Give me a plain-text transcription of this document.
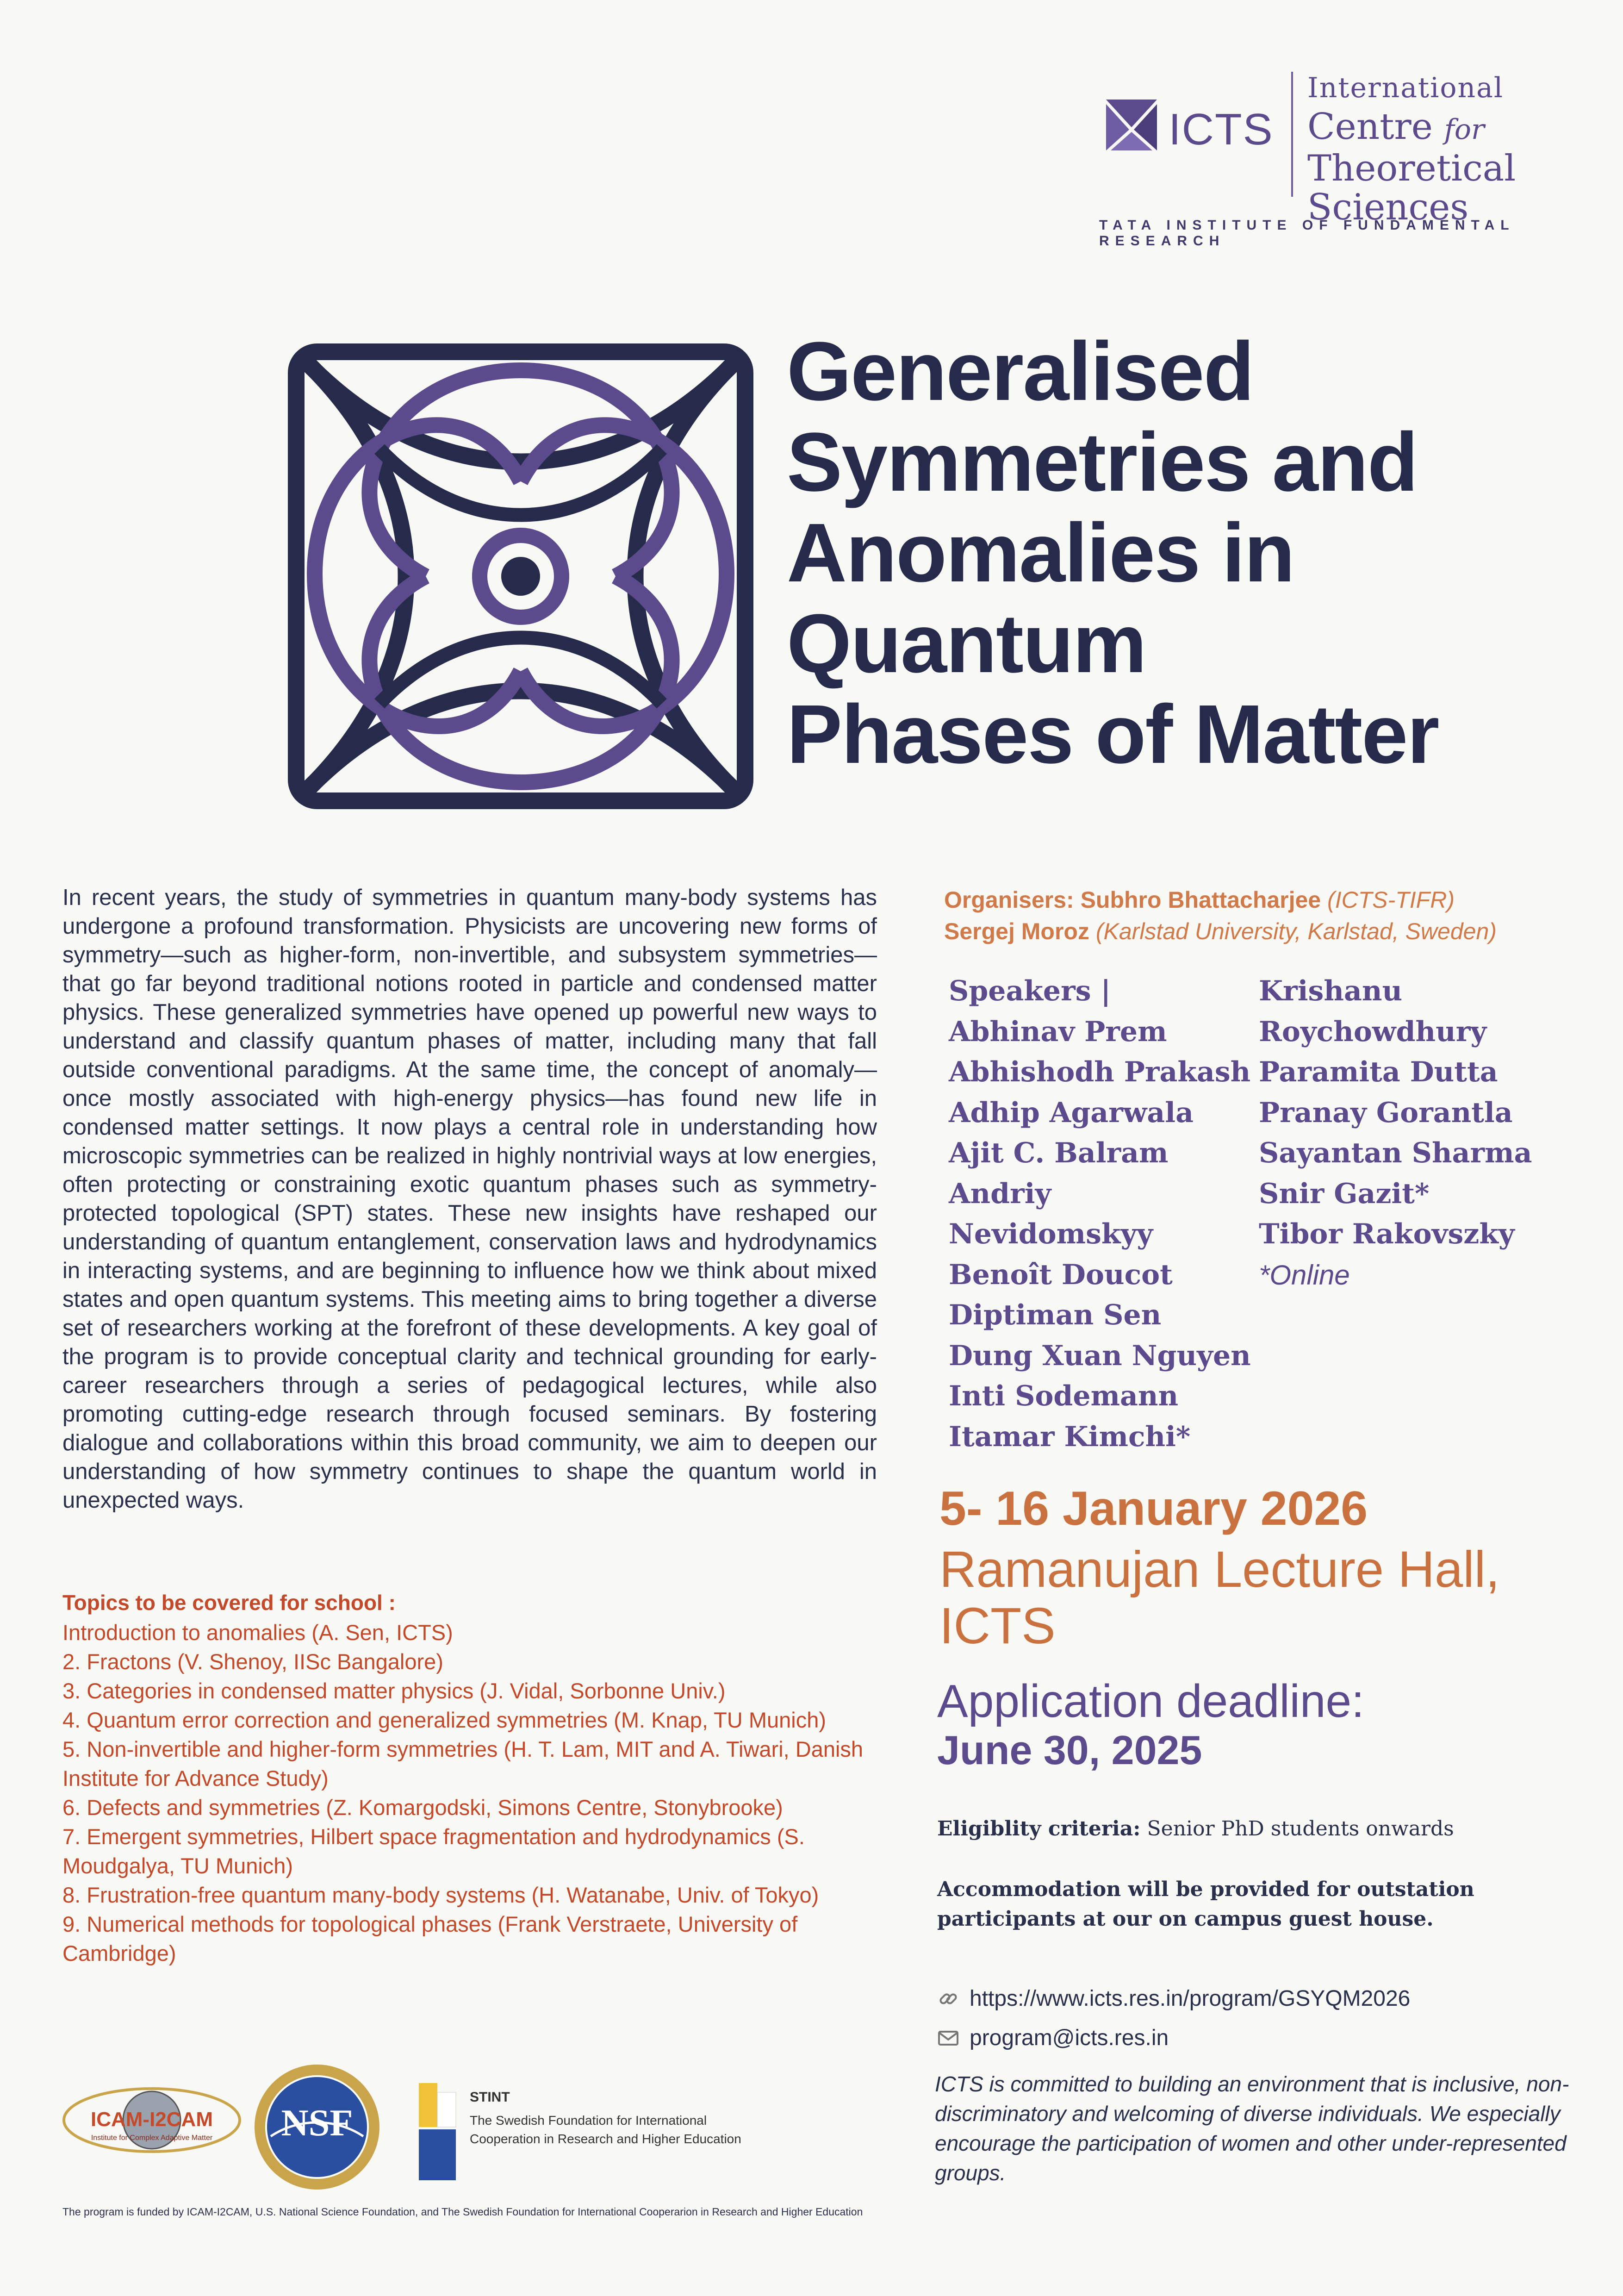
ICTS
International
Centre for
Theoretical
Sciences
TATA INSTITUTE OF FUNDAMENTAL RESEARCH
Generalised
Symmetries and
Anomalies in
Quantum
Phases of Matter
In recent years, the study of symmetries in quantum many-body systems has undergone a profound transformation. Physicists are uncovering new forms of symmetry—such as higher-form, non-invertible, and subsystem symmetries—that go far beyond traditional notions rooted in particle and condensed matter physics. These generalized symmetries have opened up powerful new ways to understand and classify quantum phases of matter, including many that fall outside conventional paradigms. At the same time, the concept of anomaly—once mostly associated with high-energy physics—has found new life in condensed matter settings. It now plays a central role in understanding how microscopic symmetries can be realized in highly nontrivial ways at low energies, often protecting or constraining exotic quantum phases such as symmetry-protected topological (SPT) states. These new insights have reshaped our understanding of quantum entanglement, conservation laws and hydrodynamics in interacting systems, and are beginning to influence how we think about mixed states and open quantum systems. This meeting aims to bring together a diverse set of researchers working at the forefront of these developments. A key goal of the program is to provide conceptual clarity and technical grounding for early-career researchers through a series of pedagogical lectures, while also promoting cutting-edge research through focused seminars. By fostering dialogue and collaborations within this broad community, we aim to deepen our understanding of how symmetry continues to shape the quantum world in unexpected ways.
Topics to be covered for school :
Introduction to anomalies (A. Sen, ICTS)
2. Fractons (V. Shenoy, IISc Bangalore)
3. Categories in condensed matter physics (J. Vidal, Sorbonne Univ.)
4. Quantum error correction and generalized symmetries (M. Knap, TU Munich)
5. Non-invertible and higher-form symmetries (H. T. Lam, MIT and A. Tiwari, Danish Institute for Advance Study)
6. Defects and symmetries (Z. Komargodski, Simons Centre, Stonybrooke)
7. Emergent symmetries, Hilbert space fragmentation and hydrodynamics (S. Moudgalya, TU Munich)
8. Frustration-free quantum many-body systems (H. Watanabe, Univ. of Tokyo)
9. Numerical methods for topological phases (Frank Verstraete, University of Cambridge)
Organisers: Subhro Bhattacharjee (ICTS-TIFR)
Sergej Moroz (Karlstad University, Karlstad, Sweden)
Speakers |
Abhinav Prem
Abhishodh Prakash
Adhip Agarwala
Ajit C. Balram
Andriy
Nevidomskyy
Benoît Doucot
Diptiman Sen
Dung Xuan Nguyen
Inti Sodemann
Itamar Kimchi*
Krishanu
Roychowdhury
Paramita Dutta
Pranay Gorantla
Sayantan Sharma
Snir Gazit*
Tibor Rakovszky
*Online
5- 16 January 2026
Ramanujan Lecture Hall,
ICTS
Application deadline:
June 30, 2025
Eligiblity criteria: Senior PhD students onwards
Accommodation will be provided for outstation participants at our on campus guest house.
https://www.icts.res.in/program/GSYQM2026
program@icts.res.in
ICTS is committed to building an environment that is inclusive, non-discriminatory and welcoming of diverse individuals. We especially encourage the participation of women and other under-represented groups.
ICAM-I2CAM
Institute for Complex Adaptive Matter NSF
STINT
The Swedish Foundation for International
Cooperation in Research and Higher Education
The program is funded by ICAM-I2CAM, U.S. National Science Foundation, and The Swedish Foundation for International Cooperarion in Research and Higher Education
